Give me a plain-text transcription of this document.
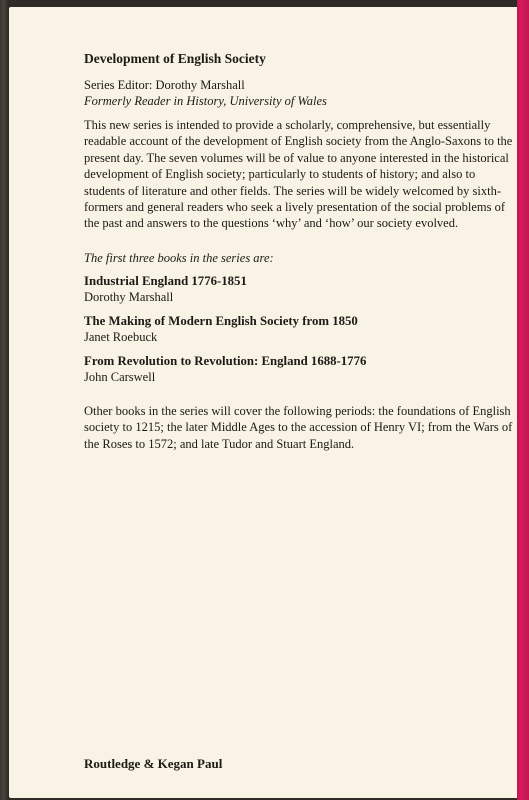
Development of English Society

Series Editor: Dorothy Marshall

Formerly Reader in History, University of Wales

This new series is intended to provide a scholarly, comprehensive, but essentially readable account of the development of English society from the Anglo-Saxons to the present day. The seven volumes will be of value to anyone interested in the historical development of English society; particularly to students of history; and also to students of literature and other fields. The series will be widely welcomed by sixth-formers and general readers who seek a lively presentation of the social problems of the past and answers to the questions ‘why’ and ‘how’ our society evolved.

The first three books in the series are:

Industrial England 1776-1851
Dorothy Marshall
The Making of Modern English Society from 1850
Janet Roebuck
From Revolution to Revolution: England 1688-1776
John Carswell

Other books in the series will cover the following periods: the foundations of English society to 1215; the later Middle Ages to the accession of Henry VI; from the Wars of the Roses to 1572; and late Tudor and Stuart England.

Routledge & Kegan Paul
